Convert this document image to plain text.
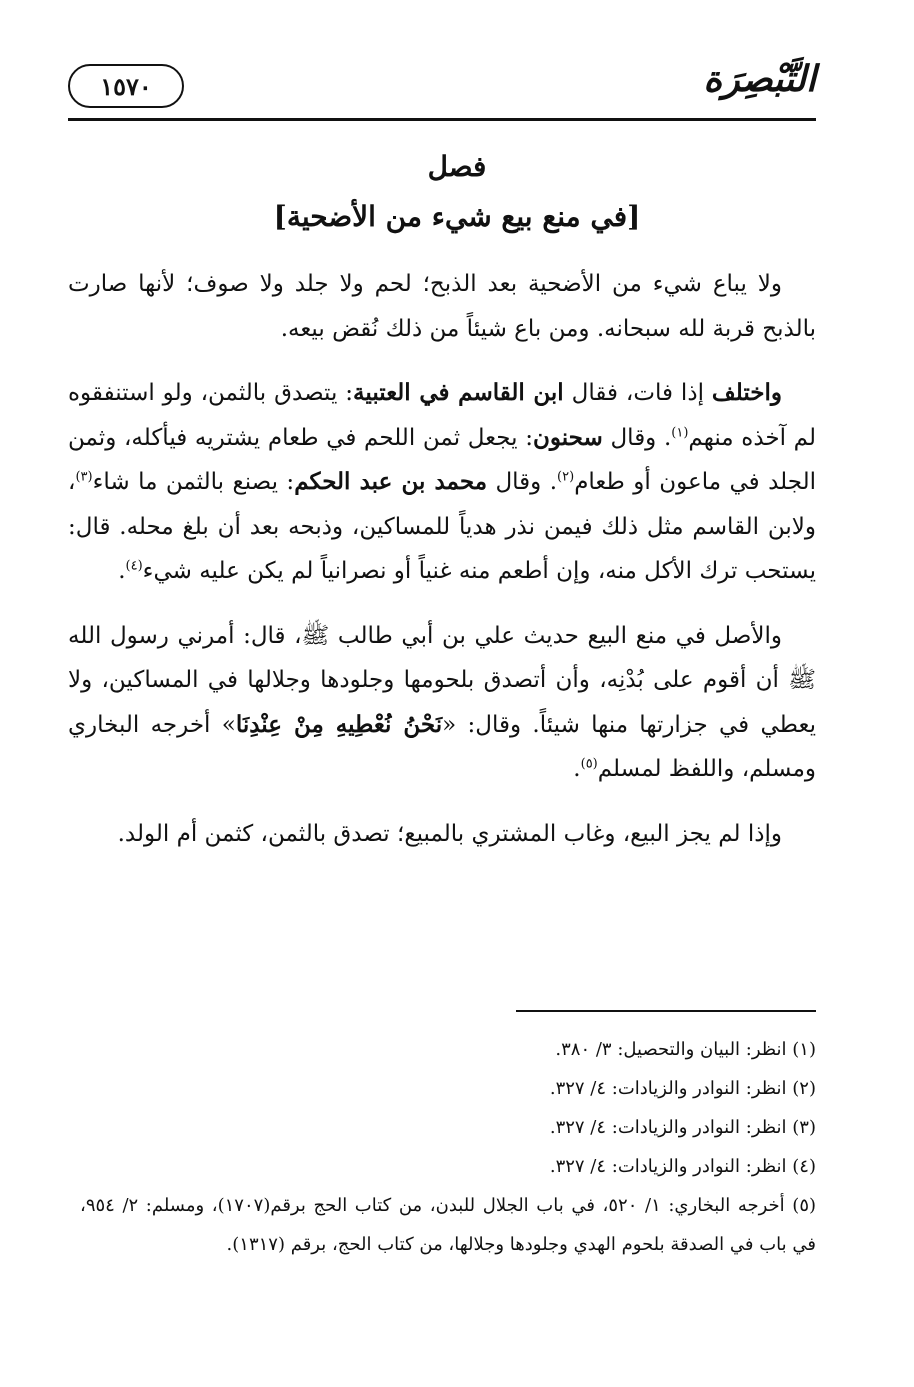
التَّبْصِرَة
١٥٧٠
فصل
[في منع بيع شيء من الأضحية]

ولا يباع شيء من الأضحية بعد الذبح؛ لحم ولا جلد ولا صوف؛ لأنها صارت بالذبح قربة لله سبحانه. ومن باع شيئاً من ذلك نُقض بيعه.

واختلف إذا فات، فقال ابن القاسم في العتبية: يتصدق بالثمن، ولو استنفقوه لم آخذه منهم$^{(١)}$. وقال سحنون: يجعل ثمن اللحم في طعام يشتريه فيأكله، وثمن الجلد في ماعون أو طعام$^{(٢)}$. وقال محمد بن عبد الحكم: يصنع بالثمن ما شاء$^{(٣)}$، ولابن القاسم مثل ذلك فيمن نذر هدياً للمساكين، وذبحه بعد أن بلغ محله. قال: يستحب ترك الأكل منه، وإن أطعم منه غنياً أو نصرانياً لم يكن عليه شيء$^{(٤)}$.

والأصل في منع البيع حديث علي بن أبي طالب ﷺ، قال: أمرني رسول الله ﷺ أن أقوم على بُدْنِه، وأن أتصدق بلحومها وجلودها وجلالها في المساكين، ولا يعطي في جزارتها منها شيئاً. وقال: «نَحْنُ نُعْطِيهِ مِنْ عِنْدِنَا» أخرجه البخاري ومسلم، واللفظ لمسلم$^{(٥)}$.

وإذا لم يجز البيع، وغاب المشتري بالمبيع؛ تصدق بالثمن، كثمن أم الولد.

(١) انظر: البيان والتحصيل: ٣/ ٣٨٠.
(٢) انظر: النوادر والزيادات: ٤/ ٣٢٧.
(٣) انظر: النوادر والزيادات: ٤/ ٣٢٧.
(٤) انظر: النوادر والزيادات: ٤/ ٣٢٧.
(٥) أخرجه البخاري: ١/ ٥٢٠، في باب الجلال للبدن، من كتاب الحج برقم(١٧٠٧)، ومسلم: ٢/ ٩٥٤، في باب في الصدقة بلحوم الهدي وجلودها وجلالها، من كتاب الحج، برقم (١٣١٧).
